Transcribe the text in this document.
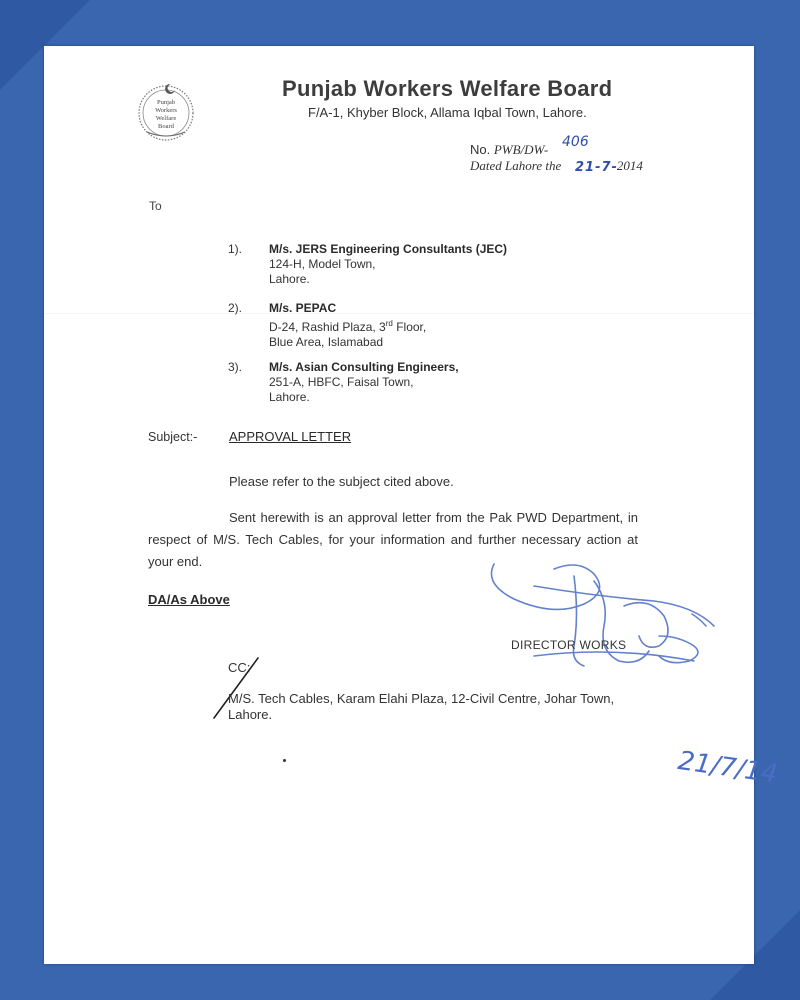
Punjab
Workers
Welfare
Board
Punjab Workers Welfare Board
F/A-1, Khyber Block, Allama Iqbal Town, Lahore.
No. PWB/DW- 406
Dated Lahore the	2014
21-7-
To
1). M/s. JERS Engineering Consultants (JEC)
124-H, Model Town,
Lahore.
2). M/s. PEPAC
D-24, Rashid Plaza, 3rd Floor,
Blue Area, Islamabad
3). M/s. Asian Consulting Engineers,
251-A, HBFC, Faisal Town,
Lahore.
Subject:- APPROVAL LETTER
Please refer to the subject cited above.
Sent herewith is an approval letter from the Pak PWD Department, in respect of M/S. Tech Cables, for your information and further necessary action at your end.
DA/As Above
21/7/14
DIRECTOR WORKS
CC:
M/S. Tech Cables, Karam Elahi Plaza, 12-Civil Centre, Johar Town,
Lahore.
